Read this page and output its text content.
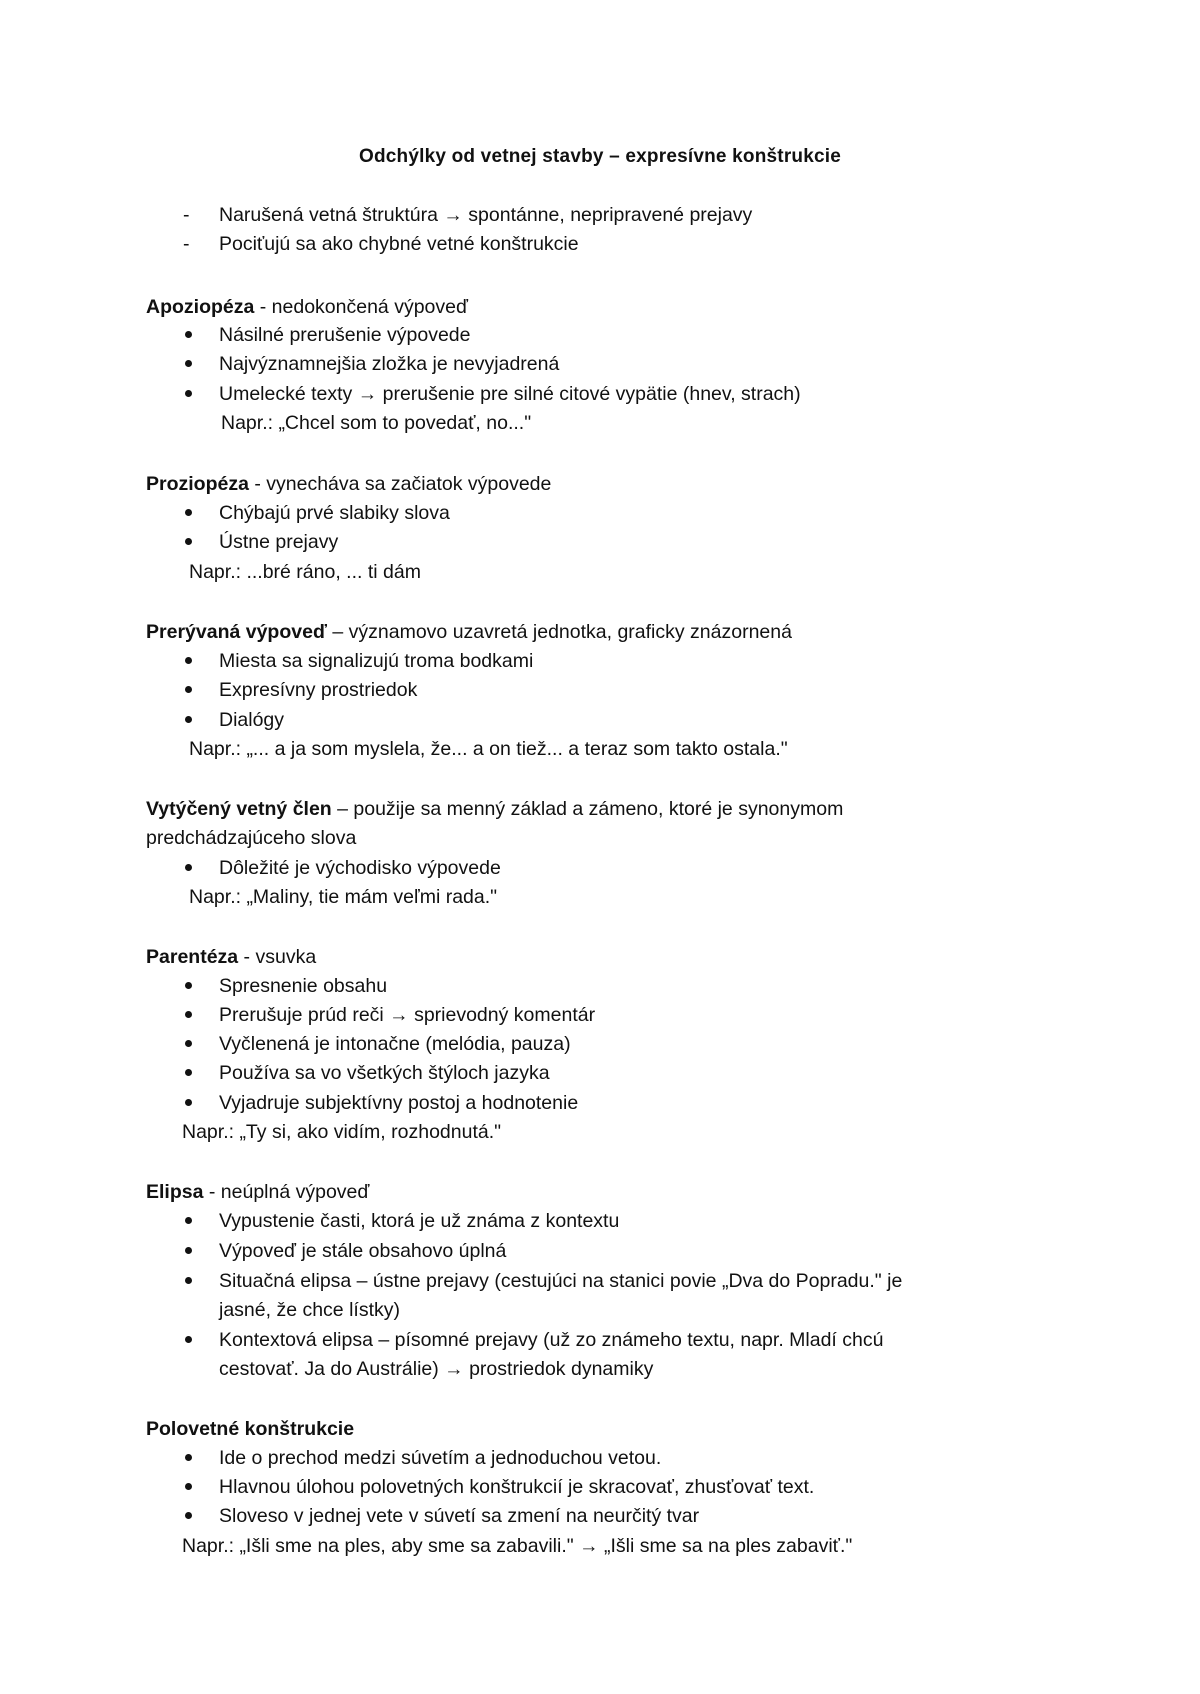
Odchýlky od vetnej stavby – expresívne konštrukcie
- Narušená vetná štruktúra → spontánne, nepripravené prejavy
- Pociťujú sa ako chybné vetné konštrukcie
Apoziopéza - nedokončená výpoveď
Násilné prerušenie výpovede
Najvýznamnejšia zložka je nevyjadrená
Umelecké texty → prerušenie pre silné citové vypätie (hnev, strach)
Napr.: „Chcel som to povedať, no..."
Proziopéza - vynecháva sa začiatok výpovede
Chýbajú prvé slabiky slova
Ústne prejavy
Napr.: ...bré ráno, ... ti dám
Prerývaná výpoveď – významovo uzavretá jednotka, graficky znázornená
Miesta sa signalizujú troma bodkami
Expresívny prostriedok
Dialógy
Napr.: „... a ja som myslela, že... a on tiež... a teraz som takto ostala."
Vytýčený vetný člen – použije sa menný základ a zámeno, ktoré je synonymom
predchádzajúceho slova
Dôležité je východisko výpovede
Napr.: „Maliny, tie mám veľmi rada."
Parentéza - vsuvka
Spresnenie obsahu
Prerušuje prúd reči → sprievodný komentár
Vyčlenená je intonačne (melódia, pauza)
Používa sa vo všetkých štýloch jazyka
Vyjadruje subjektívny postoj a hodnotenie
Napr.: „Ty si, ako vidím, rozhodnutá."
Elipsa - neúplná výpoveď
Vypustenie časti, ktorá je už známa z kontextu
Výpoveď je stále obsahovo úplná
Situačná elipsa – ústne prejavy (cestujúci na stanici povie „Dva do Popradu." je
jasné, že chce lístky)
Kontextová elipsa – písomné prejavy (už zo známeho textu, napr. Mladí chcú
cestovať. Ja do Austrálie) → prostriedok dynamiky
Polovetné konštrukcie
Ide o prechod medzi súvetím a jednoduchou vetou.
Hlavnou úlohou polovetných konštrukcií je skracovať, zhusťovať text.
Sloveso v jednej vete v súvetí sa zmení na neurčitý tvar
Napr.: „Išli sme na ples, aby sme sa zabavili." → „Išli sme sa na ples zabaviť."
